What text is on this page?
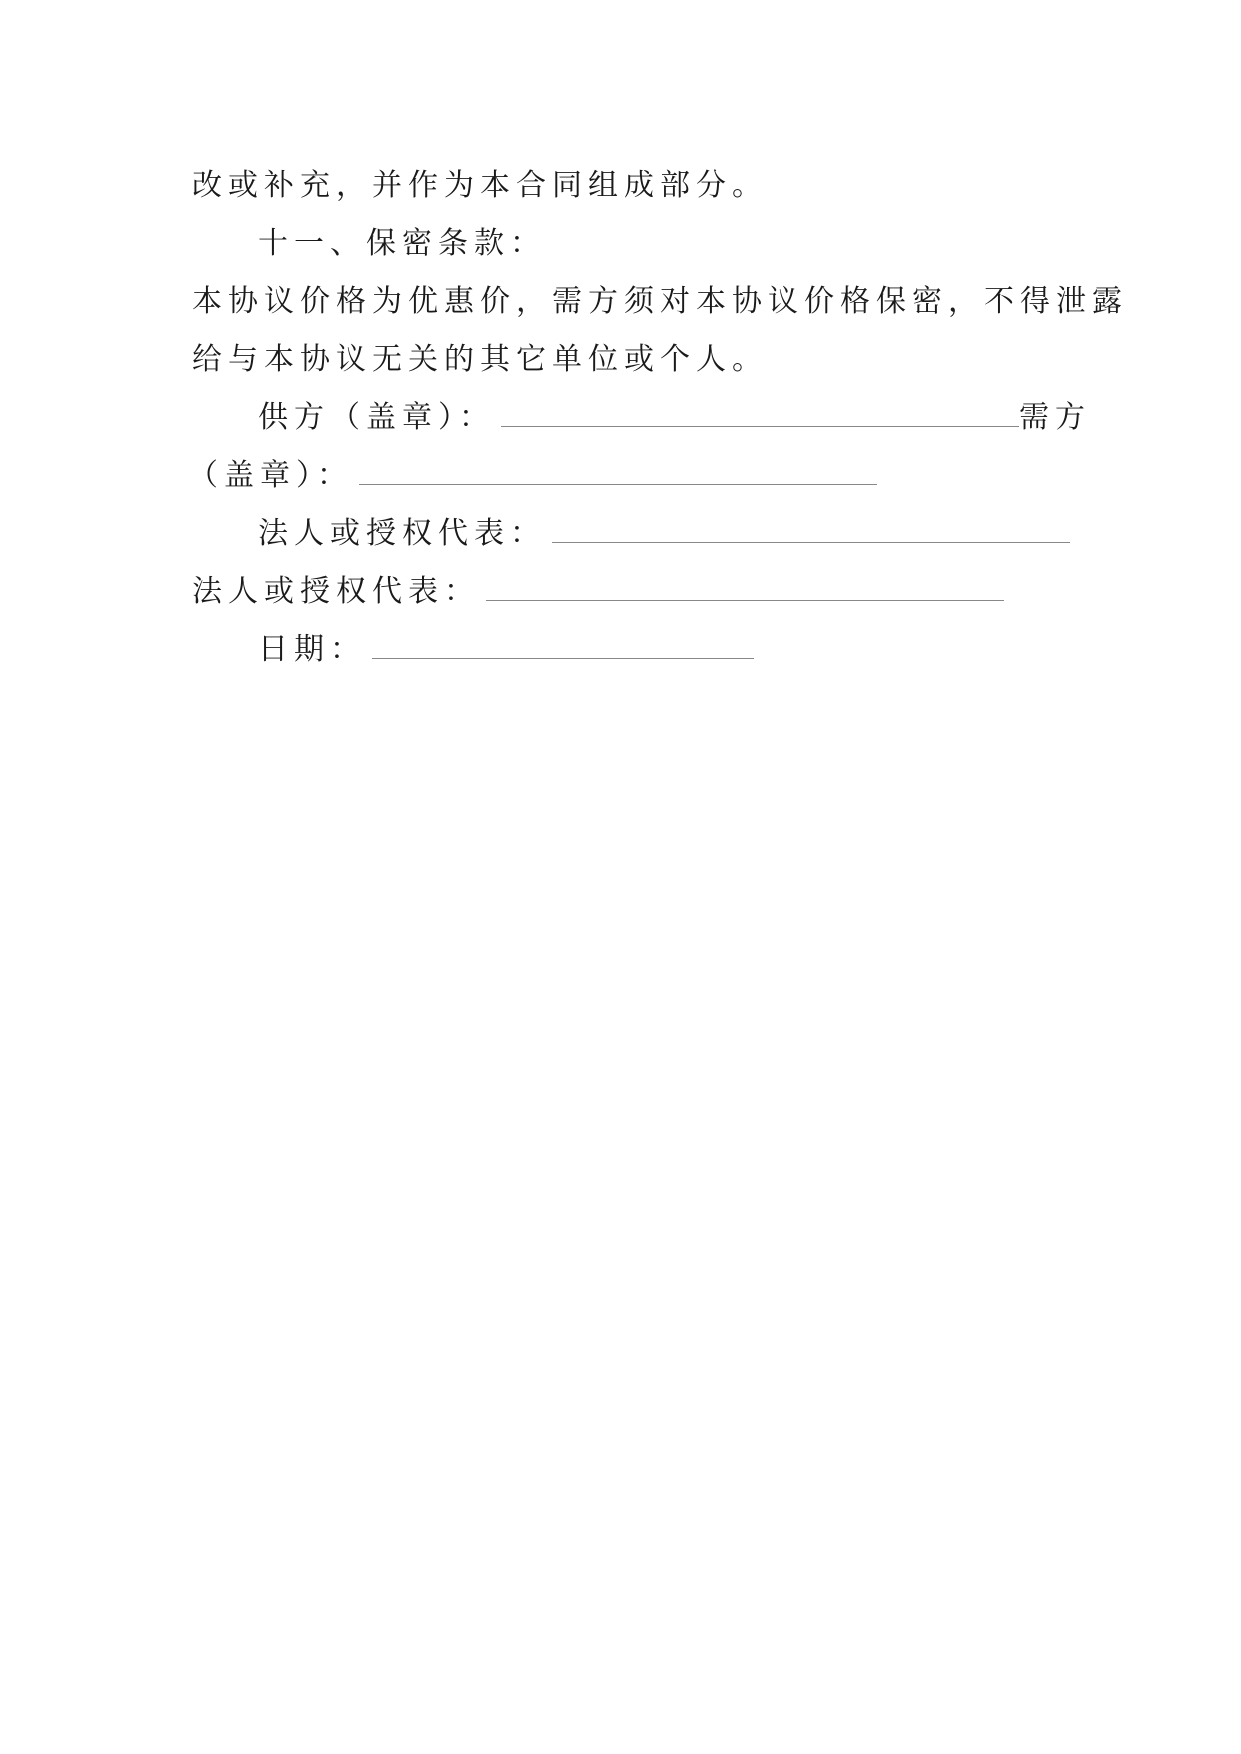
改或补充，并作为本合同组成部分。
十一、保密条款：
本协议价格为优惠价，需方须对本协议价格保密，不得泄露
给与本协议无关的其它单位或个人。
供方（盖章）：	需方
（盖章）：
法人或授权代表：
法人或授权代表：
日期：
